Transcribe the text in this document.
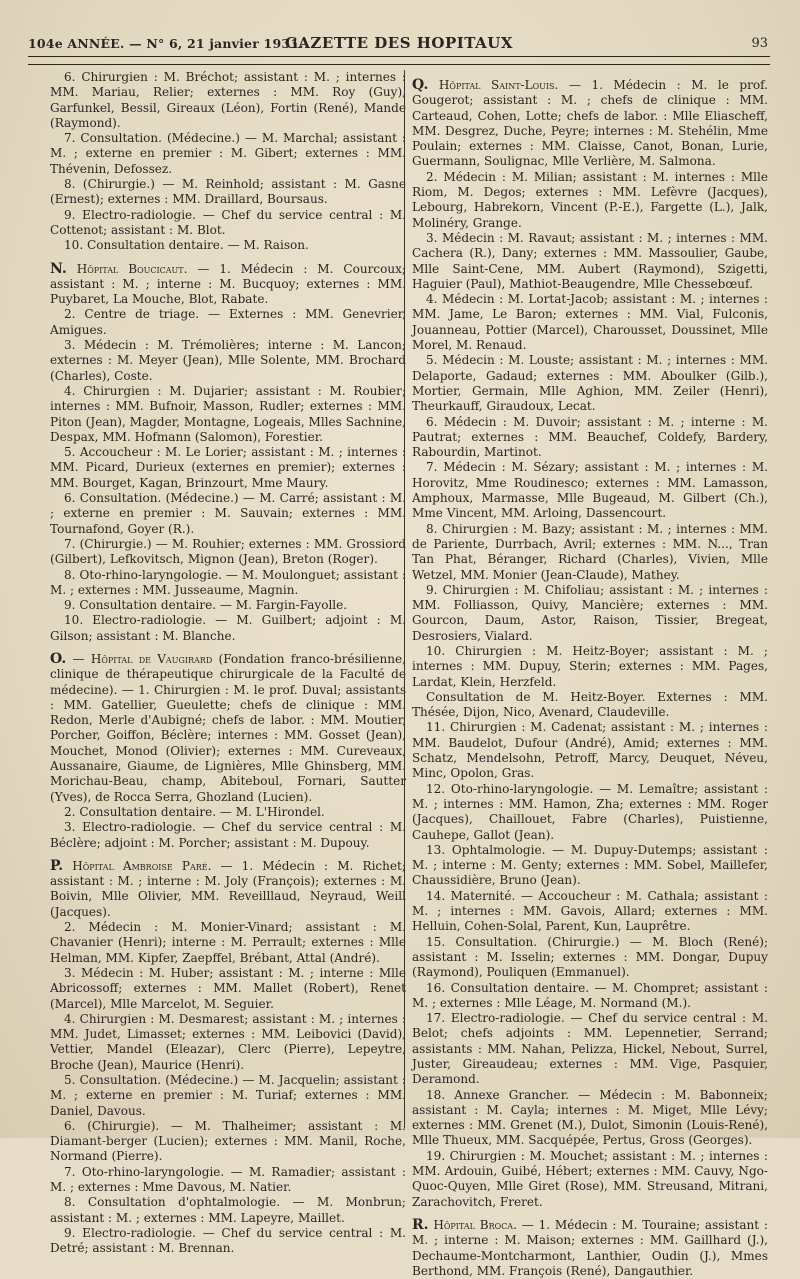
104e ANNÉE. — N° 6, 21 janvier 1931.
GAZETTE DES HOPITAUX	93

6. Chirurgien : M. Bréchot; assistant : M. ; internes : MM. Mariau, Relier; externes : MM. Roy (Guy), Garfunkel, Bessil, Gireaux (Léon), Fortin (René), Mande (Raymond).

7. Consultation. (Médecine.) — M. Marchal; assistant : M. ; externe en premier : M. Gibert; externes : MM. Thévenin, Defossez.

8. (Chirurgie.) — M. Reinhold; assistant : M. Gasne (Ernest); externes : MM. Draillard, Boursaus.

9. Electro-radiologie. — Chef du service central : M. Cottenot; assistant : M. Blot.

10. Consultation dentaire. — M. Raison.

N. Hôpital Boucicaut. — 1. Médecin : M. Courcoux; assistant : M. ; interne : M. Bucquoy; externes : MM. Puybaret, La Mouche, Blot, Rabate.

2. Centre de triage. — Externes : MM. Genevrier, Amigues.

3. Médecin : M. Trémolières; interne : M. Lancon; externes : M. Meyer (Jean), Mlle Solente, MM. Brochard (Charles), Coste.

4. Chirurgien : M. Dujarier; assistant : M. Roubier; internes : MM. Bufnoir, Masson, Rudler; externes : MM. Piton (Jean), Magder, Montagne, Logeais, Mlles Sachnine, Despax, MM. Hofmann (Salomon), Forestier.

5. Accoucheur : M. Le Lorier; assistant : M. ; internes : MM. Picard, Durieux (externes en premier); externes : MM. Bourget, Kagan, Brinzourt, Mme Maury.

6. Consultation. (Médecine.) — M. Carré; assistant : M. ; externe en premier : M. Sauvain; externes : MM. Tournafond, Goyer (R.).

7. (Chirurgie.) — M. Rouhier; externes : MM. Grossiord (Gilbert), Lefkovitsch, Mignon (Jean), Breton (Roger).

8. Oto-rhino-laryngologie. — M. Moulonguet; assistant : M. ; externes : MM. Jusseaume, Magnin.

9. Consultation dentaire. — M. Fargin-Fayolle.

10. Electro-radiologie. — M. Guilbert; adjoint : M. Gilson; assistant : M. Blanche.

O. — Hôpital de Vaugirard (Fondation franco-brésilienne, clinique de thérapeutique chirurgicale de la Faculté de médecine). — 1. Chirurgien : M. le prof. Duval; assistants : MM. Gatellier, Gueulette; chefs de clinique : MM. Redon, Merle d'Aubigné; chefs de labor. : MM. Moutier, Porcher, Goiffon, Béclère; internes : MM. Gosset (Jean), Mouchet, Monod (Olivier); externes : MM. Cureveaux, Aussanaire, Giaume, de Lignières, Mlle Ghinsberg, MM. Morichau-Beau, champ, Abiteboul, Fornari, Sautter (Yves), de Rocca Serra, Ghozland (Lucien).

2. Consultation dentaire. — M. L'Hirondel.

3. Electro-radiologie. — Chef du service central : M. Béclère; adjoint : M. Porcher; assistant : M. Dupouy.

P. Hôpital Ambroise Paré. — 1. Médecin : M. Richet; assistant : M. ; interne : M. Joly (François); externes : M. Boivin, Mlle Olivier, MM. Reveilllaud, Neyraud, Weill (Jacques).

2. Médecin : M. Monier-Vinard; assistant : M. Chavanier (Henri); interne : M. Perrault; externes : Mlle Helman, MM. Kipfer, Zaepffel, Brébant, Attal (André).

3. Médecin : M. Huber; assistant : M. ; interne : Mlle Abricossoff; externes : MM. Mallet (Robert), Renet (Marcel), Mlle Marcelot, M. Seguier.

4. Chirurgien : M. Desmarest; assistant : M. ; internes : MM. Judet, Limasset; externes : MM. Leibovici (David), Vettier, Mandel (Eleazar), Clerc (Pierre), Lepeytre, Broche (Jean), Maurice (Henri).

5. Consultation. (Médecine.) — M. Jacquelin; assistant : M. ; externe en premier : M. Turiaf; externes : MM. Daniel, Davous.

6. (Chirurgie). — M. Thalheimer; assistant : M. Diamant-berger (Lucien); externes : MM. Manil, Roche, Normand (Pierre).

7. Oto-rhino-laryngologie. — M. Ramadier; assistant : M. ; externes : Mme Davous, M. Natier.

8. Consultation d'ophtalmologie. — M. Monbrun; assistant : M. ; externes : MM. Lapeyre, Maillet.

9. Electro-radiologie. — Chef du service central : M. Detré; assistant : M. Brennan.

Q. Hôpital Saint-Louis. — 1. Médecin : M. le prof. Gougerot; assistant : M. ; chefs de clinique : MM. Carteaud, Cohen, Lotte; chefs de labor. : Mlle Eliascheff, MM. Desgrez, Duche, Peyre; internes : M. Stehélin, Mme Poulain; externes : MM. Claisse, Canot, Bonan, Lurie, Guermann, Soulignac, Mlle Verlière, M. Salmona.

2. Médecin : M. Milian; assistant : M. internes : Mlle Riom, M. Degos; externes : MM. Lefèvre (Jacques), Lebourg, Habrekorn, Vincent (P.-E.), Fargette (L.), Jalk, Molinéry, Grange.

3. Médecin : M. Ravaut; assistant : M. ; internes : MM. Cachera (R.), Dany; externes : MM. Massoulier, Gaube, Mlle Saint-Cene, MM. Aubert (Raymond), Szigetti, Haguier (Paul), Mathiot-Beaugendre, Mlle Chessebœuf.

4. Médecin : M. Lortat-Jacob; assistant : M. ; internes : MM. Jame, Le Baron; externes : MM. Vial, Fulconis, Jouanneau, Pottier (Marcel), Charousset, Doussinet, Mlle Morel, M. Renaud.

5. Médecin : M. Louste; assistant : M. ; internes : MM. Delaporte, Gadaud; externes : MM. Aboulker (Gilb.), Mortier, Germain, Mlle Aghion, MM. Zeiler (Henri), Theurkauff, Giraudoux, Lecat.

6. Médecin : M. Duvoir; assistant : M. ; interne : M. Pautrat; externes : MM. Beauchef, Coldefy, Bardery, Rabourdin, Martinot.

7. Médecin : M. Sézary; assistant : M. ; internes : M. Horovitz, Mme Roudinesco; externes : MM. Lamasson, Amphoux, Marmasse, Mlle Bugeaud, M. Gilbert (Ch.), Mme Vincent, MM. Arloing, Dassencourt.

8. Chirurgien : M. Bazy; assistant : M. ; internes : MM. de Pariente, Durrbach, Avril; externes : MM. N..., Tran Tan Phat, Béranger, Richard (Charles), Vivien, Mlle Wetzel, MM. Monier (Jean-Claude), Mathey.

9. Chirurgien : M. Chifoliau; assistant : M. ; internes : MM. Folliasson, Quivy, Mancière; externes : MM. Gourcon, Daum, Astor, Raison, Tissier, Bregeat, Desrosiers, Vialard.

10. Chirurgien : M. Heitz-Boyer; assistant : M. ; internes : MM. Dupuy, Sterin; externes : MM. Pages, Lardat, Klein, Herzfeld.

Consultation de M. Heitz-Boyer. Externes : MM. Thésée, Dijon, Nico, Avenard, Claudeville.

11. Chirurgien : M. Cadenat; assistant : M. ; internes : MM. Baudelot, Dufour (André), Amid; externes : MM. Schatz, Mendelsohn, Petroff, Marcy, Deuquet, Néveu, Minc, Opolon, Gras.

12. Oto-rhino-laryngologie. — M. Lemaître; assistant : M. ; internes : MM. Hamon, Zha; externes : MM. Roger (Jacques), Chaillouet, Fabre (Charles), Puistienne, Cauhepe, Gallot (Jean).

13. Ophtalmologie. — M. Dupuy-Dutemps; assistant : M. ; interne : M. Genty; externes : MM. Sobel, Maillefer, Chaussidière, Bruno (Jean).

14. Maternité. — Accoucheur : M. Cathala; assistant : M. ; internes : MM. Gavois, Allard; externes : MM. Helluin, Cohen-Solal, Parent, Kun, Lauprêtre.

15. Consultation. (Chirurgie.) — M. Bloch (René); assistant : M. Isselin; externes : MM. Dongar, Dupuy (Raymond), Pouliquen (Emmanuel).

16. Consultation dentaire. — M. Chompret; assistant : M. ; externes : Mlle Léage, M. Normand (M.).

17. Electro-radiologie. — Chef du service central : M. Belot; chefs adjoints : MM. Lepennetier, Serrand; assistants : MM. Nahan, Pelizza, Hickel, Nebout, Surrel, Juster, Gireaudeau; externes : MM. Vige, Pasquier, Deramond.

18. Annexe Grancher. — Médecin : M. Babonneix; assistant : M. Cayla; internes : M. Miget, Mlle Lévy; externes : MM. Grenet (M.), Dulot, Simonin (Louis-René), Mlle Thueux, MM. Sacquépée, Pertus, Gross (Georges).

19. Chirurgien : M. Mouchet; assistant : M. ; internes : MM. Ardouin, Guibé, Hébert; externes : MM. Cauvy, Ngo-Quoc-Quyen, Mlle Giret (Rose), MM. Streusand, Mitrani, Zarachovitch, Freret.

R. Hôpital Broca. — 1. Médecin : M. Touraine; assistant : M. ; interne : M. Maison; externes : MM. Gaillhard (J.), Dechaume-Montcharmont, Lanthier, Oudin (J.), Mmes Berthond, MM. François (René), Dangauthier.
